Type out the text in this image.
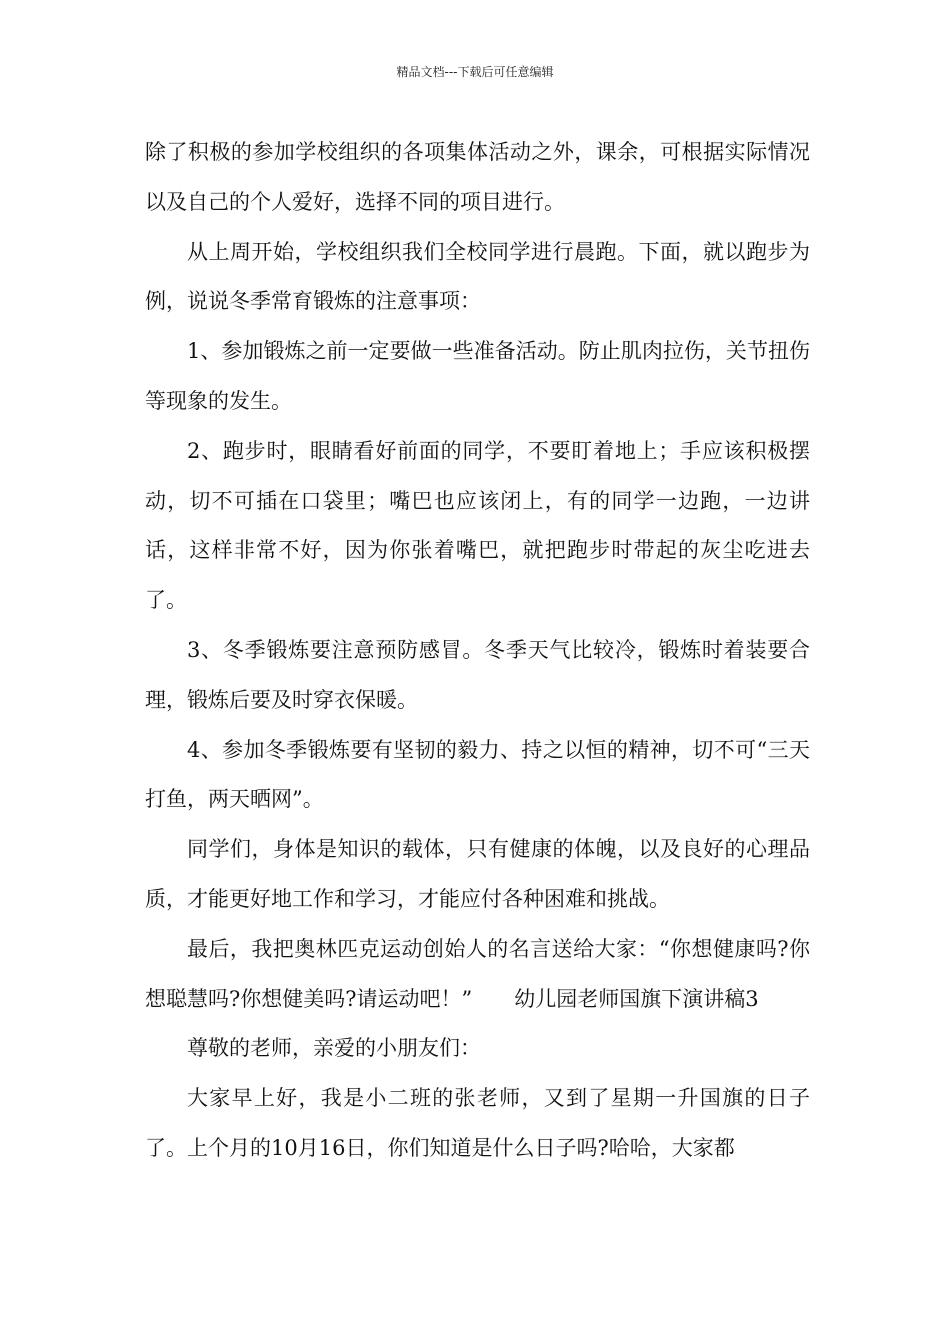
精品文档---下载后可任意编辑

除了积极的参加学校组织的各项集体活动之外，课余，可根据实际情况以及自己的个人爱好，选择不同的项目进行。

从上周开始，学校组织我们全校同学进行晨跑。下面，就以跑步为例，说说冬季常育锻炼的注意事项：

1、参加锻炼之前一定要做一些准备活动。防止肌肉拉伤，关节扭伤等现象的发生。

2、跑步时，眼睛看好前面的同学，不要盯着地上；手应该积极摆动，切不可插在口袋里；嘴巴也应该闭上，有的同学一边跑，一边讲话，这样非常不好，因为你张着嘴巴，就把跑步时带起的灰尘吃进去了。

3、冬季锻炼要注意预防感冒。冬季天气比较冷，锻炼时着装要合理，锻炼后要及时穿衣保暖。

4、参加冬季锻炼要有坚韧的毅力、持之以恒的精神，切不可“三天打鱼，两天晒网”。

同学们，身体是知识的载体，只有健康的体魄，以及良好的心理品质，才能更好地工作和学习，才能应付各种困难和挑战。

最后，我把奥林匹克运动创始人的名言送给大家：“你想健康吗?你想聪慧吗?你想健美吗?请运动吧！”　　幼儿园老师国旗下演讲稿3

尊敬的老师，亲爱的小朋友们：

大家早上好，我是小二班的张老师，又到了星期一升国旗的日子了。上个月的10月16日，你们知道是什么日子吗?哈哈，大家都
